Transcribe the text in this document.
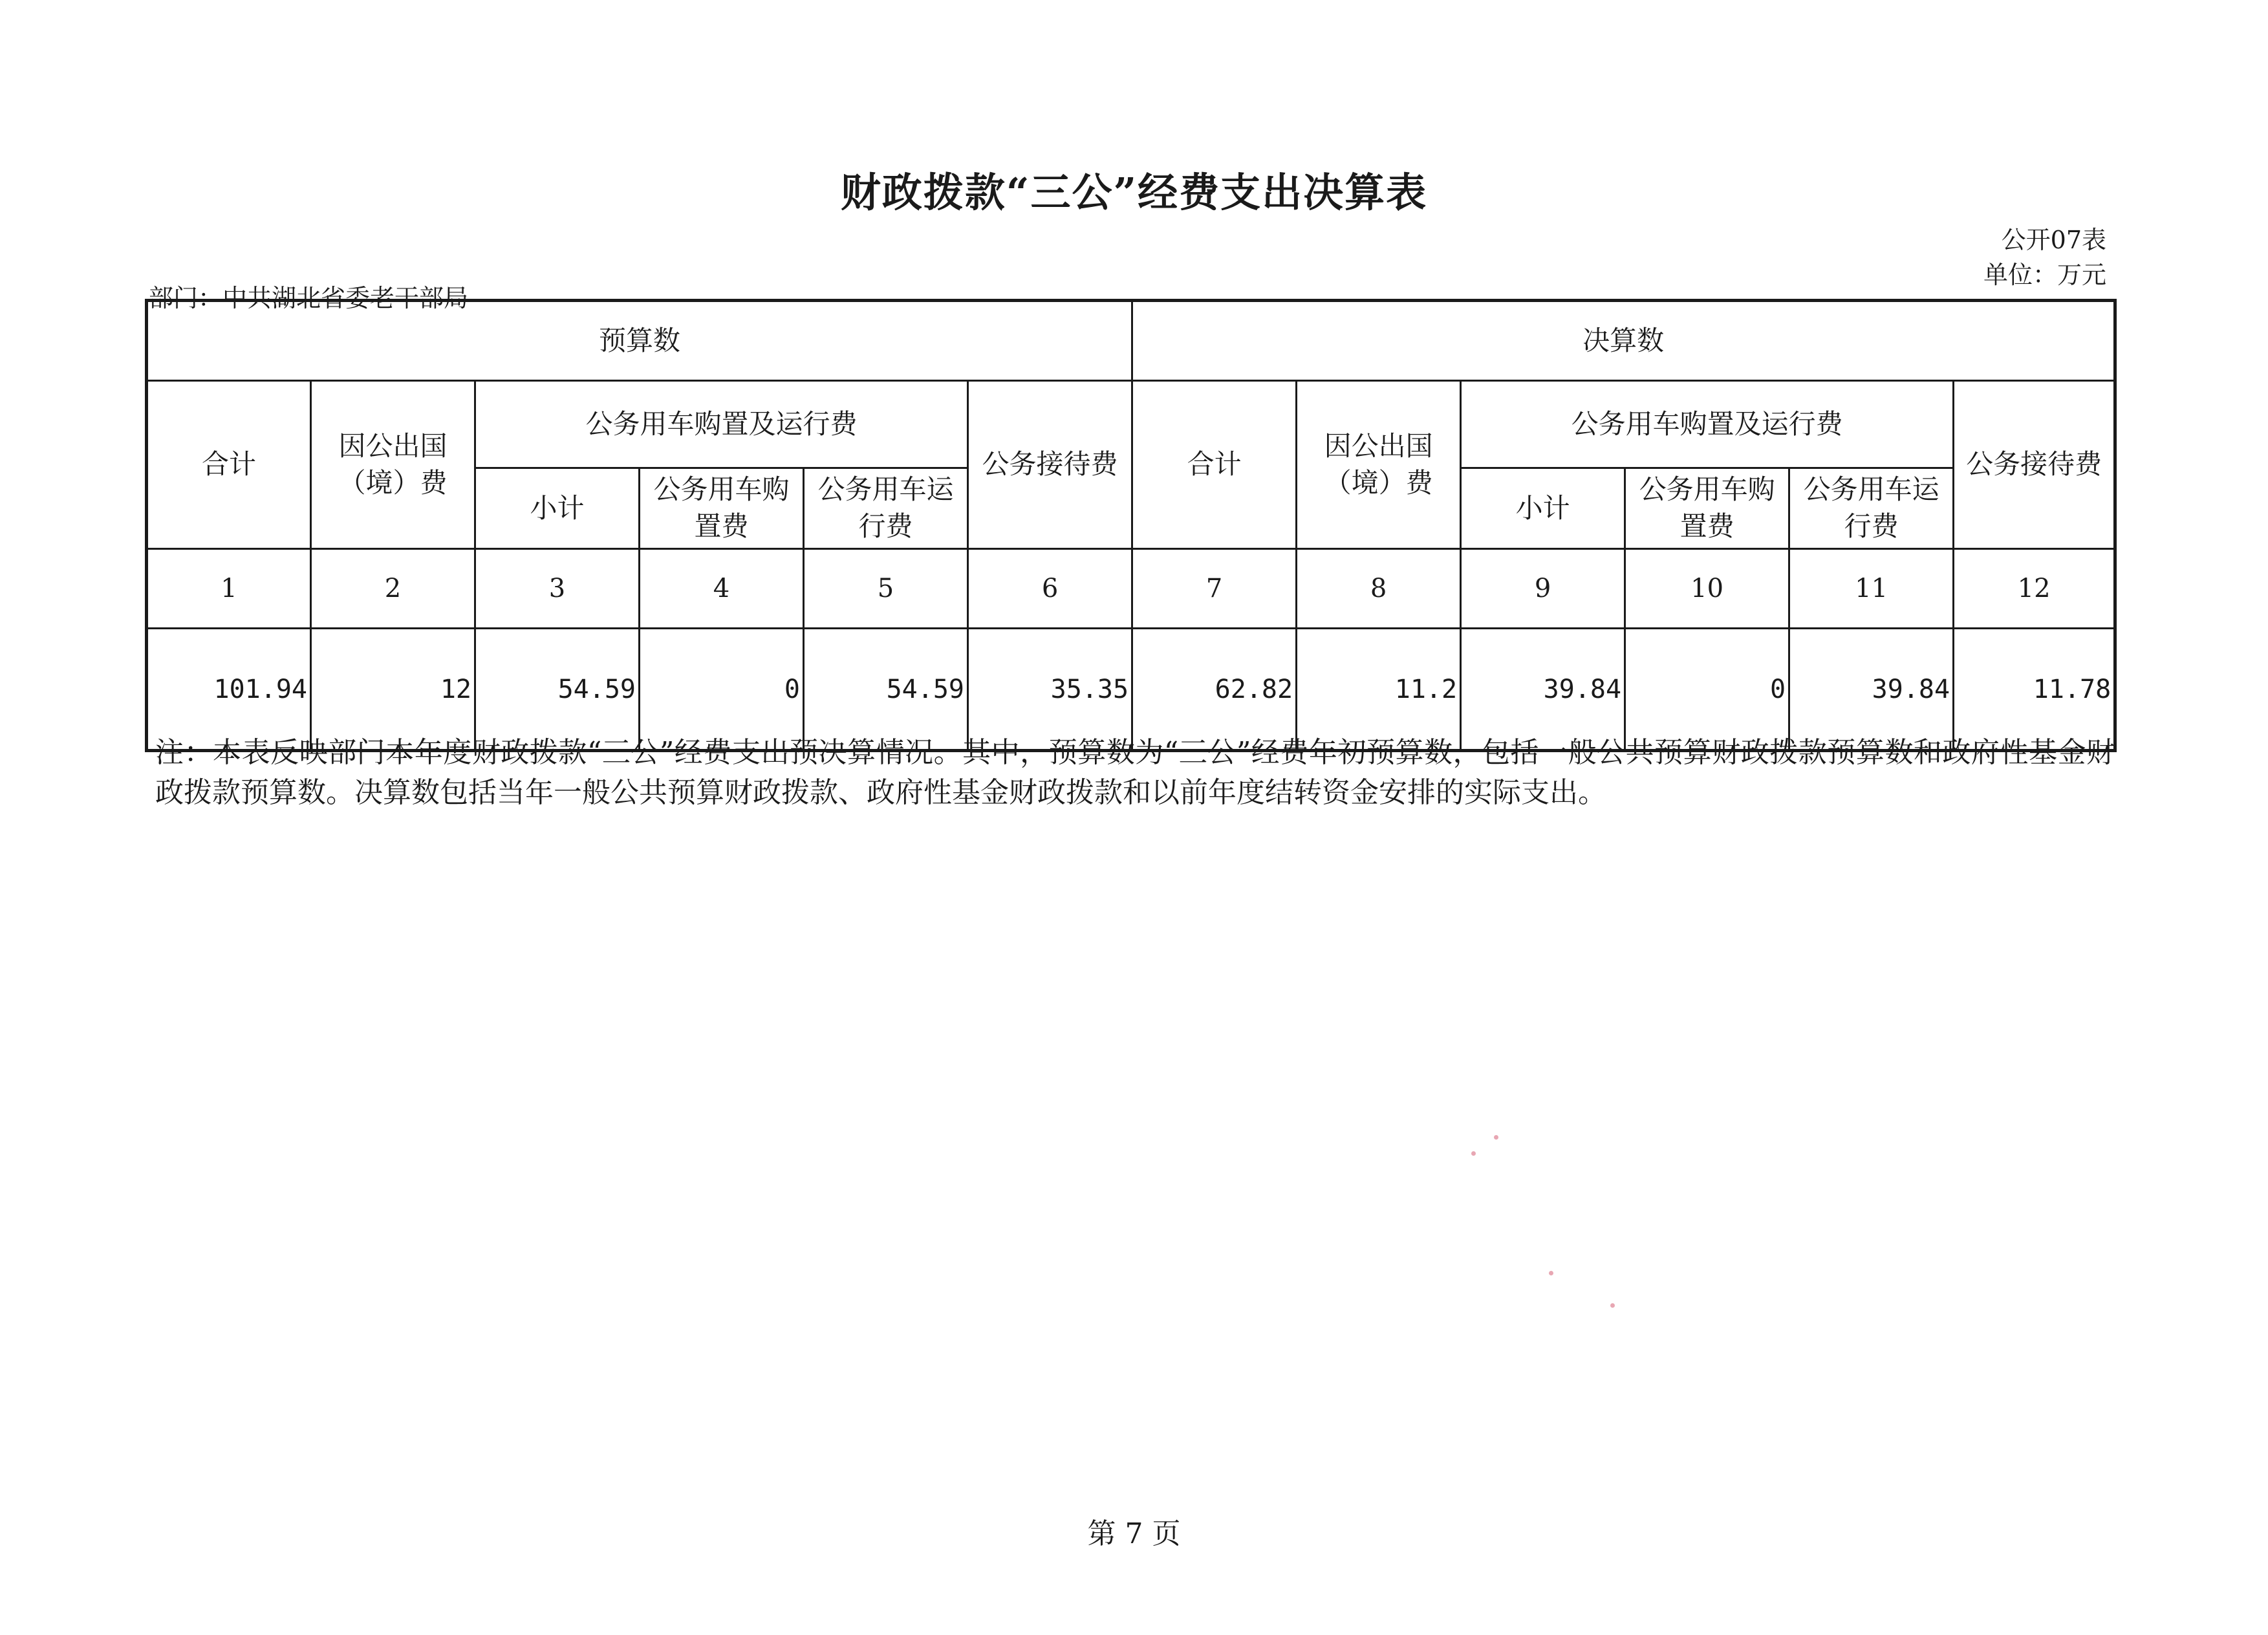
财政拨款“三公”经费支出决算表
公开07表
单位：万元
部门：中共湖北省委老干部局
预算数						决算数					
合计	因公出国（境）费	公务用车购置及运行费			公务接待费	合计	因公出国（境）费	公务用车购置及运行费			公务接待费
		小计	公务用车购置费	公务用车运行费				小计	公务用车购置费	公务用车运行费	
1	2	3	4	5	6	7	8	9	10	11	12
101.94	12	54.59	0	54.59	35.35	62.82	11.2	39.84	0	39.84	11.78
注：本表反映部门本年度财政拨款“三公”经费支出预决算情况。其中，预算数为“三公”经费年初预算数，包括一般公共预算财政拨款预算数和政府性基金财政拨款预算数。决算数包括当年一般公共预算财政拨款、政府性基金财政拨款和以前年度结转资金安排的实际支出。
第 7 页
